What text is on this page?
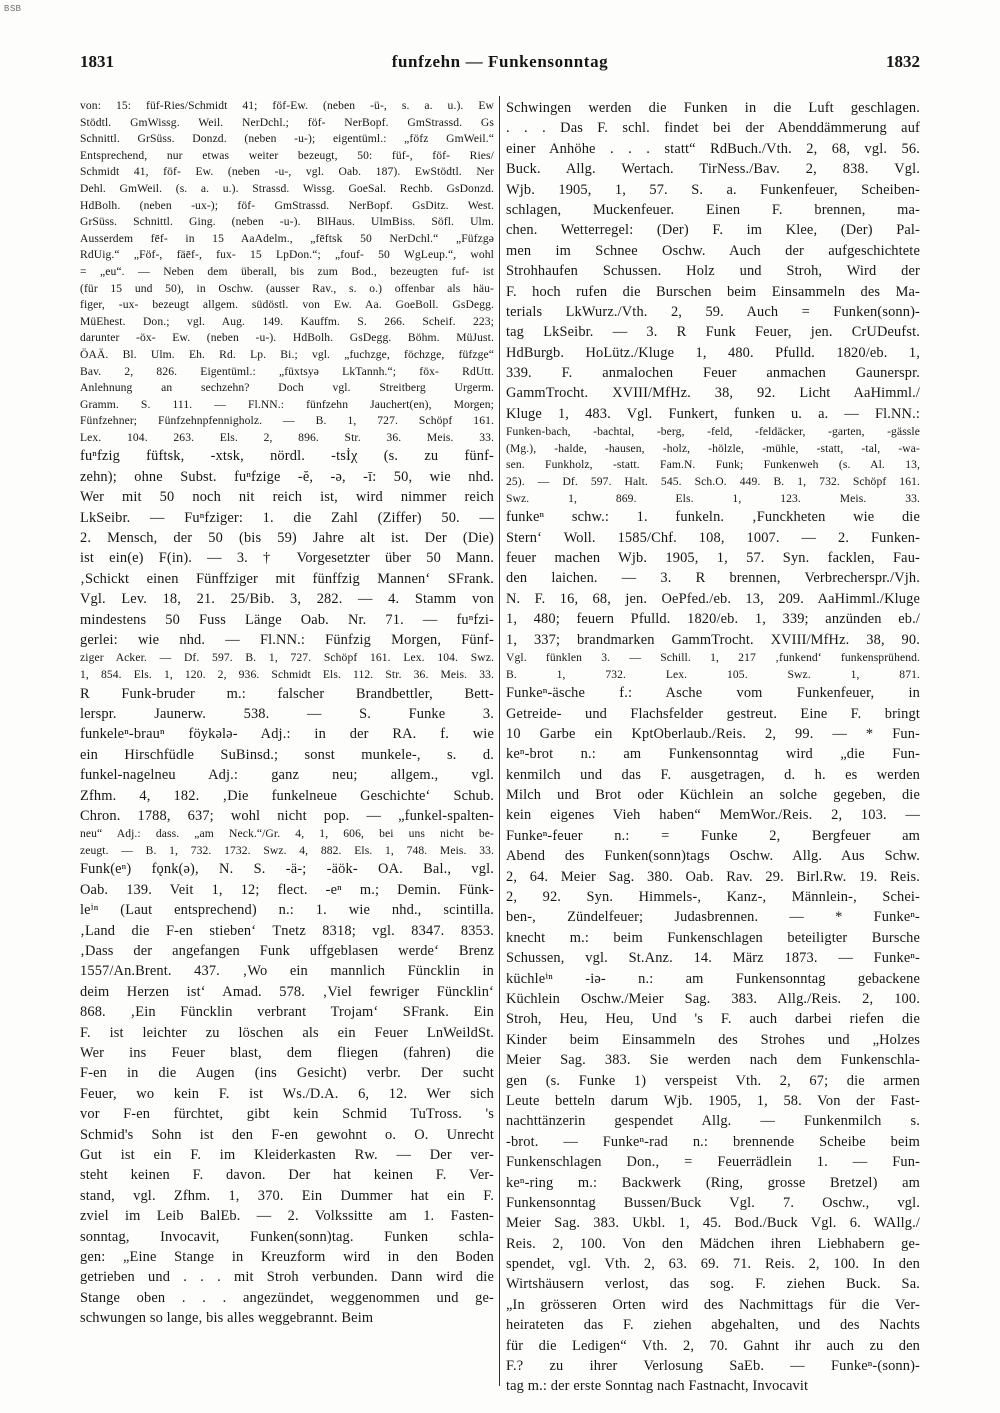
BSB
1831	funfzehn — Funkensonntag	1832
von: 15: füf-Ries/Schmidt 41; föf-Ew. (neben -ü-, s. a. u.). Ew
Stödtl. GmWissg. Weil. NerDchl.; föf- NerBopf. GmStrassd. Gs
Schnittl. GrSüss. Donzd. (neben -u-); eigentüml.: „föfz GmWeil.“
Entsprechend, nur etwas weiter bezeugt, 50: füf-, föf- Ries/
Schmidt 41, föf- Ew. (neben -u-, vgl. Oab. 187). EwStödtl. Ner
Dehl. GmWeil. (s. a. u.). Strassd. Wissg. GoeSal. Rechb. GsDonzd.
HdBolh. (neben -ux-); föf- GmStrassd. NerBopf. GsDitz. West.
GrSüss. Schnittl. Ging. (neben -u-). BlHaus. UlmBiss. Söfl. Ulm.
Ausserdem fēf- in 15 AaAdelm., „fēftsk 50 NerDchl.“ „Füfzgə
RdUig.“ „Föf-, fäēf-, fux- 15 LpDon.“; „fouf- 50 WgLeup.“, wohl
= „eu“. — Neben dem überall, bis zum Bod., bezeugten fuf- ist
(für 15 und 50), in Oschw. (ausser Rav., s. o.) offenbar als häu-
figer, -ux- bezeugt allgem. südöstl. von Ew. Aa. GoeBoll. GsDegg.
MüEhest. Don.; vgl. Aug. 149. Kauffm. S. 266. Scheif. 223;
darunter -öx- Ew. (neben -u-). HdBolh. GsDegg. Böhm. MüJust.
ÖAÄ. Bl. Ulm. Eh. Rd. Lp. Bi.; vgl. „fuchzge, föchzge, füfzge“
Bav. 2, 826. Eigentüml.: „füxtsyə LkTannh.“; föx- RdUtt.
Anlehnung an sechzehn? Doch vgl. Streitberg Urgerm.
Gramm. S. 111. — Fl.NN.: fünfzehn Jauchert(en), Morgen;
Fünfzehner; Fünfzehnpfennigholz. — B. 1, 727. Schöpf 161.
Lex. 104. 263. Els. 2, 896. Str. 36. Meis. 33.
fuⁿfzig füftsk, -xtsk, nördl. -tsİχ (s. zu fünf-
zehn); ohne Subst. fuⁿfzige -ĕ, -ə, -ī: 50, wie nhd.
Wer mit 50 noch nit reich ist, wird nimmer reich
LkSeibr. — Fuⁿfziger: 1. die Zahl (Ziffer) 50. —
2. Mensch, der 50 (bis 59) Jahre alt ist. Der (Die)
ist ein(e) F(in). — 3. † Vorgesetzter über 50 Mann.
‚Schickt einen Fünffziger mit fünffzig Mannen‘ SFrank.
Vgl. Lev. 18, 21. 25/Bib. 3, 282. — 4. Stamm von
mindestens 50 Fuss Länge Oab. Nr. 71. — fuⁿfzi-
gerlei: wie nhd. — Fl.NN.: Fünfzig Morgen, Fünf-
ziger Acker. — Df. 597. B. 1, 727. Schöpf 161. Lex. 104. Swz.
1, 854. Els. 1, 120. 2, 936. Schmidt Els. 112. Str. 36. Meis. 33.
R Funk-bruder m.: falscher Brandbettler, Bett-
lerspr. Jaunerw. 538. — S. Funke 3.
funkeleⁿ-brauⁿ föykələ- Adj.: in der RA. f. wie
ein Hirschfüdle SuBinsd.; sonst munkele-, s. d.
funkel-nagelneu Adj.: ganz neu; allgem., vgl.
Zfhm. 4, 182. ‚Die funkelneue Geschichte‘ Schub.
Chron. 1788, 637; wohl nicht pop. — „funkel-spalten-
neu“ Adj.: dass. „am Neck.“/Gr. 4, 1, 606, bei uns nicht be-
zeugt. — B. 1, 732. 1732. Swz. 4, 882. Els. 1, 748. Meis. 33.
Funk(eⁿ) fǫnk(ə), N. S. -ä-; -äök- OA. Bal., vgl.
Oab. 139. Veit 1, 12; flect. -eⁿ m.; Demin. Fünk-
leⁱⁿ (Laut entsprechend) n.: 1. wie nhd., scintilla.
‚Land die F-en stieben‘ Tnetz 8318; vgl. 8347. 8353.
‚Dass der angefangen Funk uffgeblasen werde‘ Brenz
1557/An.Brent. 437. ‚Wo ein mannlich Füncklin in
deim Herzen ist‘ Amad. 578. ‚Viel fewriger Füncklin‘
868. ‚Ein Füncklin verbrant Trojam‘ SFrank. Ein
F. ist leichter zu löschen als ein Feuer LnWeildSt.
Wer ins Feuer blast, dem fliegen (fahren) die
F-en in die Augen (ins Gesicht) verbr. Der sucht
Feuer, wo kein F. ist Ws./D.A. 6, 12. Wer sich
vor F-en fürchtet, gibt kein Schmid TuTross. 's
Schmid's Sohn ist den F-en gewohnt o. O. Unrecht
Gut ist ein F. im Kleiderkasten Rw. — Der ver-
steht keinen F. davon. Der hat keinen F. Ver-
stand, vgl. Zfhm. 1, 370. Ein Dummer hat ein F.
zviel im Leib BalEb. — 2. Volkssitte am 1. Fasten-
sonntag, Invocavit, Funken(sonn)tag. Funken schla-
gen: „Eine Stange in Kreuzform wird in den Boden
getrieben und . . . mit Stroh verbunden. Dann wird die
Stange oben . . . angezündet, weggenommen und ge-
schwungen so lange, bis alles weggebrannt. Beim
Schwingen werden die Funken in die Luft geschlagen.
. . . Das F. schl. findet bei der Abenddämmerung auf
einer Anhöhe . . . statt“ RdBuch./Vth. 2, 68, vgl. 56.
Buck. Allg. Wertach. TirNess./Bav. 2, 838. Vgl.
Wjb. 1905, 1, 57. S. a. Funkenfeuer, Scheiben-
schlagen, Muckenfeuer. Einen F. brennen, ma-
chen. Wetterregel: (Der) F. im Klee, (Der) Pal-
men im Schnee Oschw. Auch der aufgeschichtete
Strohhaufen Schussen. Holz und Stroh, Wird der
F. hoch rufen die Burschen beim Einsammeln des Ma-
terials LkWurz./Vth. 2, 59. Auch = Funken(sonn)-
tag LkSeibr. — 3. R Funk Feuer, jen. CrUDeufst.
HdBurgb. HoLütz./Kluge 1, 480. Pfulld. 1820/eb. 1,
339. F. anmalochen Feuer anmachen Gaunerspr.
GammTrocht. XVIII/MfHz. 38, 92. Licht AaHimml./
Kluge 1, 483. Vgl. Funkert, funken u. a. — Fl.NN.:
Funken-bach, -bachtal, -berg, -feld, -feldäcker, -garten, -gässle
(Mg.), -halde, -hausen, -holz, -hölzle, -mühle, -statt, -tal, -wa-
sen. Funkholz, -statt. Fam.N. Funk; Funkenweh (s. Al. 13,
25). — Df. 597. Halt. 545. Sch.O. 449. B. 1, 732. Schöpf 161.
Swz. 1, 869. Els. 1, 123. Meis. 33.
funkeⁿ schw.: 1. funkeln. ‚Funckheten wie die
Stern‘ Woll. 1585/Chf. 108, 1007. — 2. Funken-
feuer machen Wjb. 1905, 1, 57. Syn. facklen, Fau-
den laichen. — 3. R brennen, Verbrecherspr./Vjh.
N. F. 16, 68, jen. OePfed./eb. 13, 209. AaHimml./Kluge
1, 480; feuern Pfulld. 1820/eb. 1, 339; anzünden eb./
1, 337; brandmarken GammTrocht. XVIII/MfHz. 38, 90.
Vgl. fünklen 3. — Schill. 1, 217 ‚funkend‘ funkensprühend.
B. 1, 732. Lex. 105. Swz. 1, 871.
Funkeⁿ-äsche f.: Asche vom Funkenfeuer, in
Getreide- und Flachsfelder gestreut. Eine F. bringt
10 Garbe ein KptOberlaub./Reis. 2, 99. — * Fun-
keⁿ-brot n.: am Funkensonntag wird „die Fun-
kenmilch und das F. ausgetragen, d. h. es werden
Milch und Brot oder Küchlein an solche gegeben, die
kein eigenes Vieh haben“ MemWor./Reis. 2, 103. —
Funkeⁿ-feuer n.: = Funke 2, Bergfeuer am
Abend des Funken(sonn)tags Oschw. Allg. Aus Schw.
2, 64. Meier Sag. 380. Oab. Rav. 29. Birl.Rw. 19. Reis.
2, 92. Syn. Himmels-, Kanz-, Männlein-, Schei-
ben-, Zündelfeuer; Judasbrennen. — * Funkeⁿ-
knecht m.: beim Funkenschlagen beteiligter Bursche
Schussen, vgl. St.Anz. 14. März 1873. — Funkeⁿ-
küchleⁱⁿ -iə- n.: am Funkensonntag gebackene
Küchlein Oschw./Meier Sag. 383. Allg./Reis. 2, 100.
Stroh, Heu, Heu, Und 's F. auch darbei riefen die
Kinder beim Einsammeln des Strohes und „Holzes
Meier Sag. 383. Sie werden nach dem Funkenschla-
gen (s. Funke 1) verspeist Vth. 2, 67; die armen
Leute betteln darum Wjb. 1905, 1, 58. Von der Fast-
nachttänzerin gespendet Allg. — Funkenmilch s.
-brot. — Funkeⁿ-rad n.: brennende Scheibe beim
Funkenschlagen Don., = Feuerrädlein 1. — Fun-
keⁿ-ring m.: Backwerk (Ring, grosse Bretzel) am
Funkensonntag Bussen/Buck Vgl. 7. Oschw., vgl.
Meier Sag. 383. Ukbl. 1, 45. Bod./Buck Vgl. 6. WAllg./
Reis. 2, 100. Von den Mädchen ihren Liebhabern ge-
spendet, vgl. Vth. 2, 63. 69. 71. Reis. 2, 100. In den
Wirtshäusern verlost, das sog. F. ziehen Buck. Sa.
„In grösseren Orten wird des Nachmittags für die Ver-
heirateten das F. ziehen abgehalten, und des Nachts
für die Ledigen“ Vth. 2, 70. Gahnt ihr auch zu den
F.? zu ihrer Verlosung SaEb. — Funkeⁿ-(sonn)-
tag m.: der erste Sonntag nach Fastnacht, Invocavit
